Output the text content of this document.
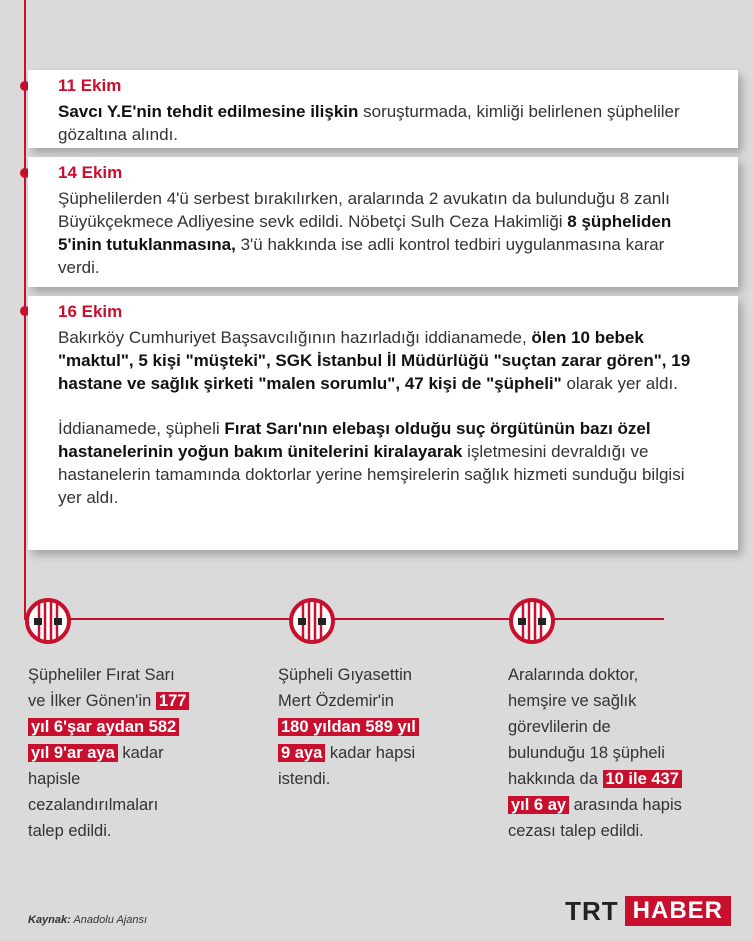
11 Ekim

Savcı Y.E'nin tehdit edilmesine ilişkin soruşturmada, kimliği belirlenen şüpheliler gözaltına alındı.

14 Ekim

Şüphelilerden 4'ü serbest bırakılırken, aralarında 2 avukatın da bulunduğu 8 zanlı Büyükçekmece Adliyesine sevk edildi. Nöbetçi Sulh Ceza Hakimliği 8 şüpheliden 5'inin tutuklanmasına, 3'ü hakkında ise adli kontrol tedbiri uygulanmasına karar verdi.

16 Ekim

Bakırköy Cumhuriyet Başsavcılığının hazırladığı iddianamede, ölen 10 bebek "maktul", 5 kişi "müşteki", SGK İstanbul İl Müdürlüğü "suçtan zarar gören", 19 hastane ve sağlık şirketi "malen sorumlu", 47 kişi de "şüpheli" olarak yer aldı.

İddianamede, şüpheli Fırat Sarı'nın elebaşı olduğu suç örgütünün bazı özel hastanelerinin yoğun bakım ünitelerini kiralayarak işletmesini devraldığı ve hastanelerin tamamında doktorlar yerine hemşirelerin sağlık hizmeti sunduğu bilgisi yer aldı.

Şüpheliler Fırat Sarı
ve İlker Gönen'in 177
yıl 6'şar aydan 582
yıl 9'ar aya kadar
hapisle
cezalandırılmaları
talep edildi.
Şüpheli Gıyasettin
Mert Özdemir'in
180 yıldan 589 yıl
9 aya kadar hapsi
istendi.
Aralarında doktor,
hemşire ve sağlık
görevlilerin de
bulunduğu 18 şüpheli
hakkında da 10 ile 437
yıl 6 ay arasında hapis
cezası talep edildi.
Kaynak: Anadolu Ajansı	TRT HABER
